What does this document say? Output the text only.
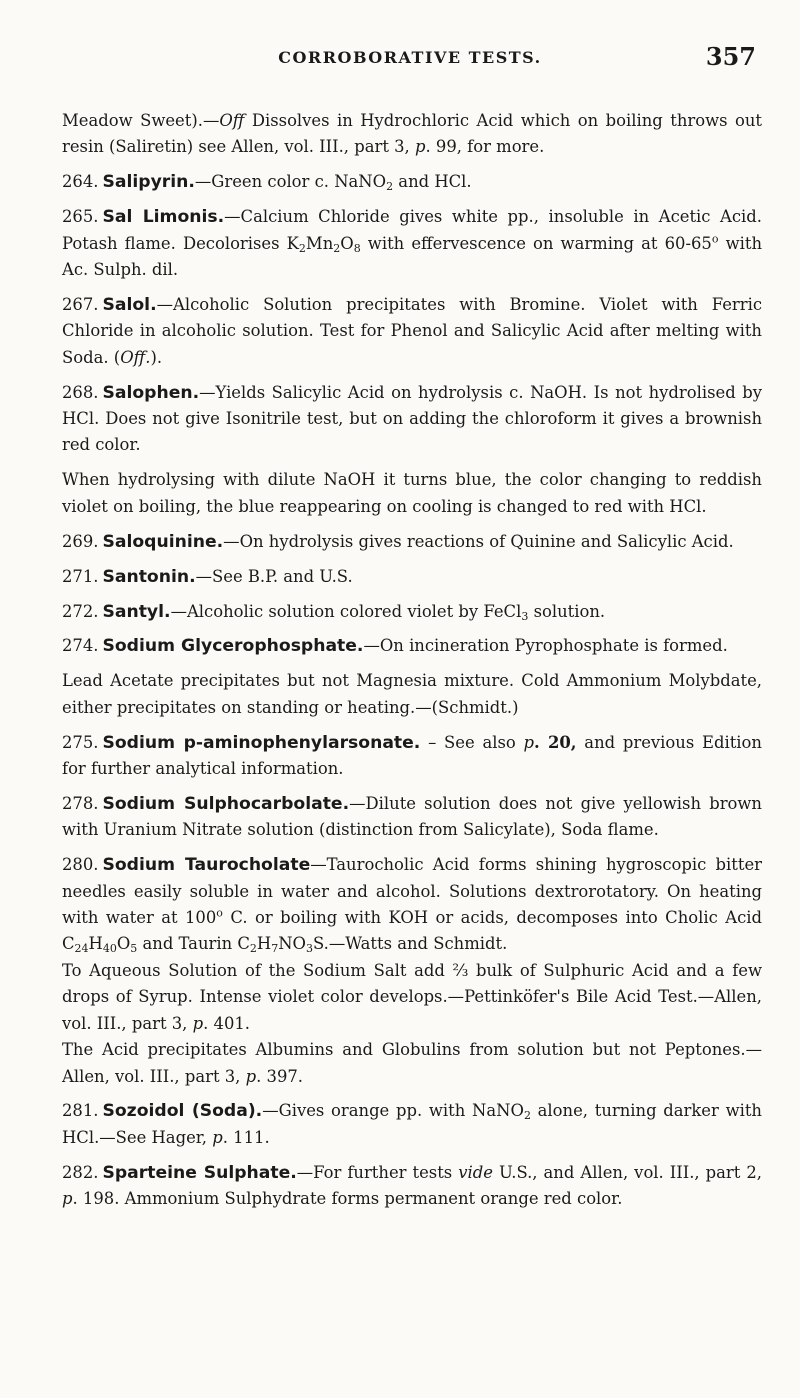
CORROBORATIVE TESTS.	357

Meadow Sweet).—Off Dissolves in Hydrochloric Acid which on boiling throws out resin (Saliretin) see Allen, vol. III., part 3, p. 99, for more.

264. Salipyrin.—Green color c. NaNO$_2$ and HCl.

265. Sal Limonis.—Calcium Chloride gives white pp., insoluble in Acetic Acid. Potash flame. Decolorises $K_2Mn_2O_8$ with effervescence on warming at 60-65$^o$ with Ac. Sulph. dil.

267. Salol.—Alcoholic Solution precipitates with Bromine. Violet with Ferric Chloride in alcoholic solution. Test for Phenol and Salicylic Acid after melting with Soda. (Off.).

268. Salophen.—Yields Salicylic Acid on hydrolysis c. NaOH. Is not hydrolised by HCl. Does not give Isonitrile test, but on adding the chloroform it gives a brownish red color.

When hydrolysing with dilute NaOH it turns blue, the color changing to reddish violet on boiling, the blue reappearing on cooling is changed to red with HCl.

269. Saloquinine.—On hydrolysis gives reactions of Quinine and Salicylic Acid.

271. Santonin.—See B.P. and U.S.

272. Santyl.—Alcoholic solution colored violet by FeCl$_3$ solution.

274. Sodium Glycerophosphate.—On incineration Pyrophosphate is formed.

Lead Acetate precipitates but not Magnesia mixture. Cold Ammonium Molybdate, either precipitates on standing or heating.—(Schmidt.)

275. Sodium p-aminophenylarsonate. – See also p. 20, and previous Edition for further analytical information.

278. Sodium Sulphocarbolate.—Dilute solution does not give yellowish brown with Uranium Nitrate solution (distinction from Salicylate), Soda flame.

280. Sodium Taurocholate—Taurocholic Acid forms shining hygroscopic bitter needles easily soluble in water and alcohol. Solutions dextrorotatory. On heating with water at 100$^o$ C. or boiling with KOH or acids, decomposes into Cholic Acid $C_{24}H_{40}O_5$ and Taurin $C_2H_7NO_3S.—Watts$ and Schmidt.

To Aqueous Solution of the Sodium Salt add ⅔ bulk of Sulphuric Acid and a few drops of Syrup. Intense violet color develops.—Pettinköfer's Bile Acid Test.—Allen, vol. III., part 3, p. 401.

The Acid precipitates Albumins and Globulins from solution but not Peptones.—Allen, vol. III., part 3, p. 397.

281. Sozoidol (Soda).—Gives orange pp. with NaNO$_2$ alone, turning darker with HCl.—See Hager, p. 111.

282. Sparteine Sulphate.—For further tests vide U.S., and Allen, vol. III., part 2, p. 198. Ammonium Sulphydrate forms permanent orange red color.
